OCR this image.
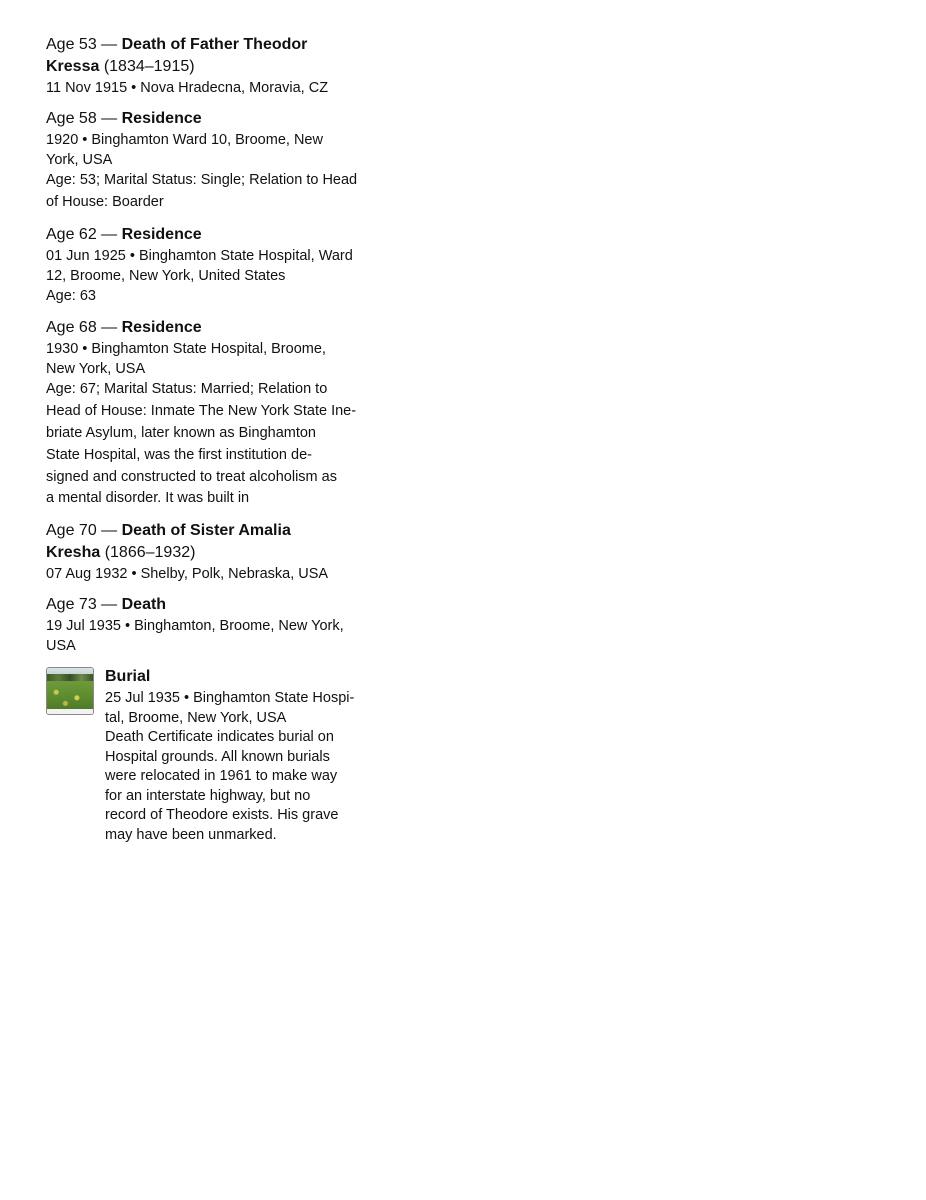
Age 53 — Death of Father Theodor
Kressa (1834–1915)
11 Nov 1915 • Nova Hradecna, Moravia, CZ
Age 58 — Residence
1920 • Binghamton Ward 10, Broome, New
York, USA
Age: 53; Marital Status: Single; Relation to Head
of House: Boarder
Age 62 — Residence
01 Jun 1925 • Binghamton State Hospital, Ward
12, Broome, New York, United States
Age: 63
Age 68 — Residence
1930 • Binghamton State Hospital, Broome,
New York, USA
Age: 67; Marital Status: Married; Relation to
Head of House: Inmate The New York State Ine-
briate Asylum, later known as Binghamton
State Hospital, was the first institution de-
signed and constructed to treat alcoholism as
a mental disorder. It was built in
Age 70 — Death of Sister Amalia
Kresha (1866–1932)
07 Aug 1932 • Shelby, Polk, Nebraska, USA
Age 73 — Death
19 Jul 1935 • Binghamton, Broome, New York,
USA
Burial
25 Jul 1935 • Binghamton State Hospi-
tal, Broome, New York, USA
Death Certificate indicates burial on
Hospital grounds. All known burials
were relocated in 1961 to make way
for an interstate highway, but no
record of Theodore exists. His grave
may have been unmarked.
